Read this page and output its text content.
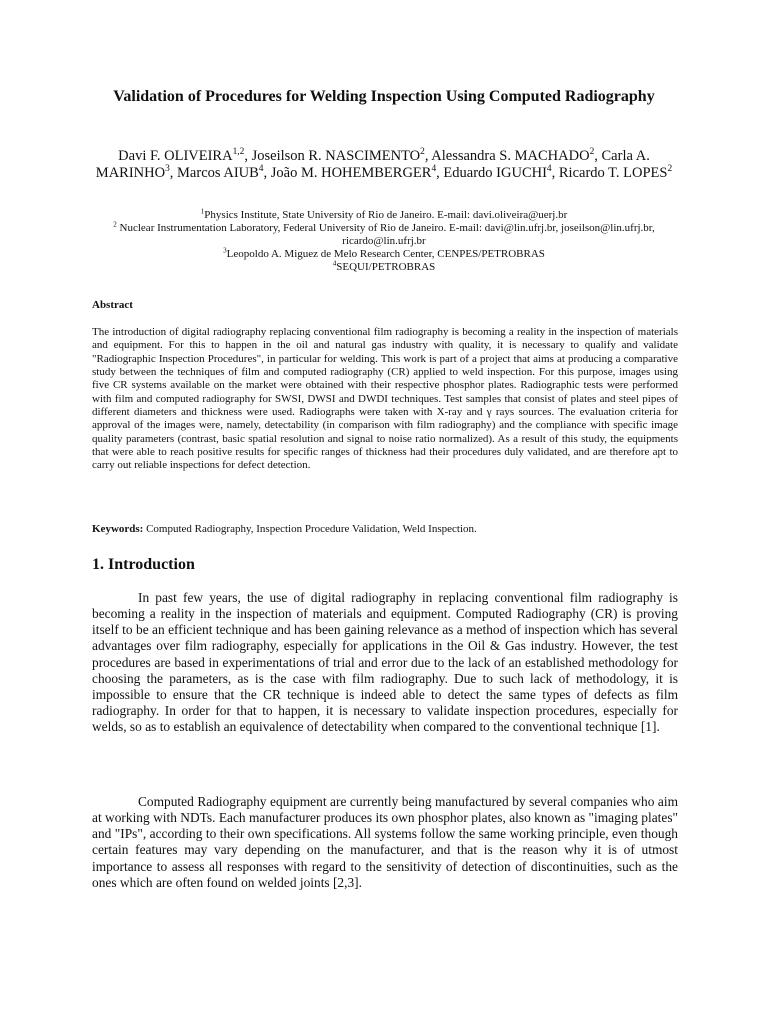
Validation of Procedures for Welding Inspection Using Computed Radiography
Davi F. OLIVEIRA$^{1,2}$, Joseilson R. NASCIMENTO$^2$, Alessandra S. MACHADO$^2$, Carla A. MARINHO$^3$, Marcos AIUB$^4$, João M. HOHEMBERGER$^4$, Eduardo IGUCHI$^4$, Ricardo T. LOPES$^2$
$^1$Physics Institute, State University of Rio de Janeiro. E-mail: davi.oliveira@uerj.br
$^2$ Nuclear Instrumentation Laboratory, Federal University of Rio de Janeiro. E-mail: davi@lin.ufrj.br, joseilson@lin.ufrj.br, ricardo@lin.ufrj.br
$^3$Leopoldo A. Miguez de Melo Research Center, CENPES/PETROBRAS
$^4$SEQUI/PETROBRAS
Abstract
The introduction of digital radiography replacing conventional film radiography is becoming a reality in the inspection of materials and equipment. For this to happen in the oil and natural gas industry with quality, it is necessary to qualify and validate "Radiographic Inspection Procedures", in particular for welding. This work is part of a project that aims at producing a comparative study between the techniques of film and computed radiography (CR) applied to weld inspection. For this purpose, images using five CR systems available on the market were obtained with their respective phosphor plates. Radiographic tests were performed with film and computed radiography for SWSI, DWSI and DWDI techniques. Test samples that consist of plates and steel pipes of different diameters and thickness were used. Radiographs were taken with X-ray and γ rays sources. The evaluation criteria for approval of the images were, namely, detectability (in comparison with film radiography) and the compliance with specific image quality parameters (contrast, basic spatial resolution and signal to noise ratio normalized). As a result of this study, the equipments that were able to reach positive results for specific ranges of thickness had their procedures duly validated, and are therefore apt to carry out reliable inspections for defect detection.
Keywords: Computed Radiography, Inspection Procedure Validation, Weld Inspection.
1. Introduction
In past few years, the use of digital radiography in replacing conventional film radiography is becoming a reality in the inspection of materials and equipment. Computed Radiography (CR) is proving itself to be an efficient technique and has been gaining relevance as a method of inspection which has several advantages over film radiography, especially for applications in the Oil & Gas industry. However, the test procedures are based in experimentations of trial and error due to the lack of an established methodology for choosing the parameters, as is the case with film radiography. Due to such lack of methodology, it is impossible to ensure that the CR technique is indeed able to detect the same types of defects as film radiography. In order for that to happen, it is necessary to validate inspection procedures, especially for welds, so as to establish an equivalence of detectability when compared to the conventional technique [1].
Computed Radiography equipment are currently being manufactured by several companies who aim at working with NDTs. Each manufacturer produces its own phosphor plates, also known as "imaging plates" and "IPs", according to their own specifications. All systems follow the same working principle, even though certain features may vary depending on the manufacturer, and that is the reason why it is of utmost importance to assess all responses with regard to the sensitivity of detection of discontinuities, such as the ones which are often found on welded joints [2,3].
